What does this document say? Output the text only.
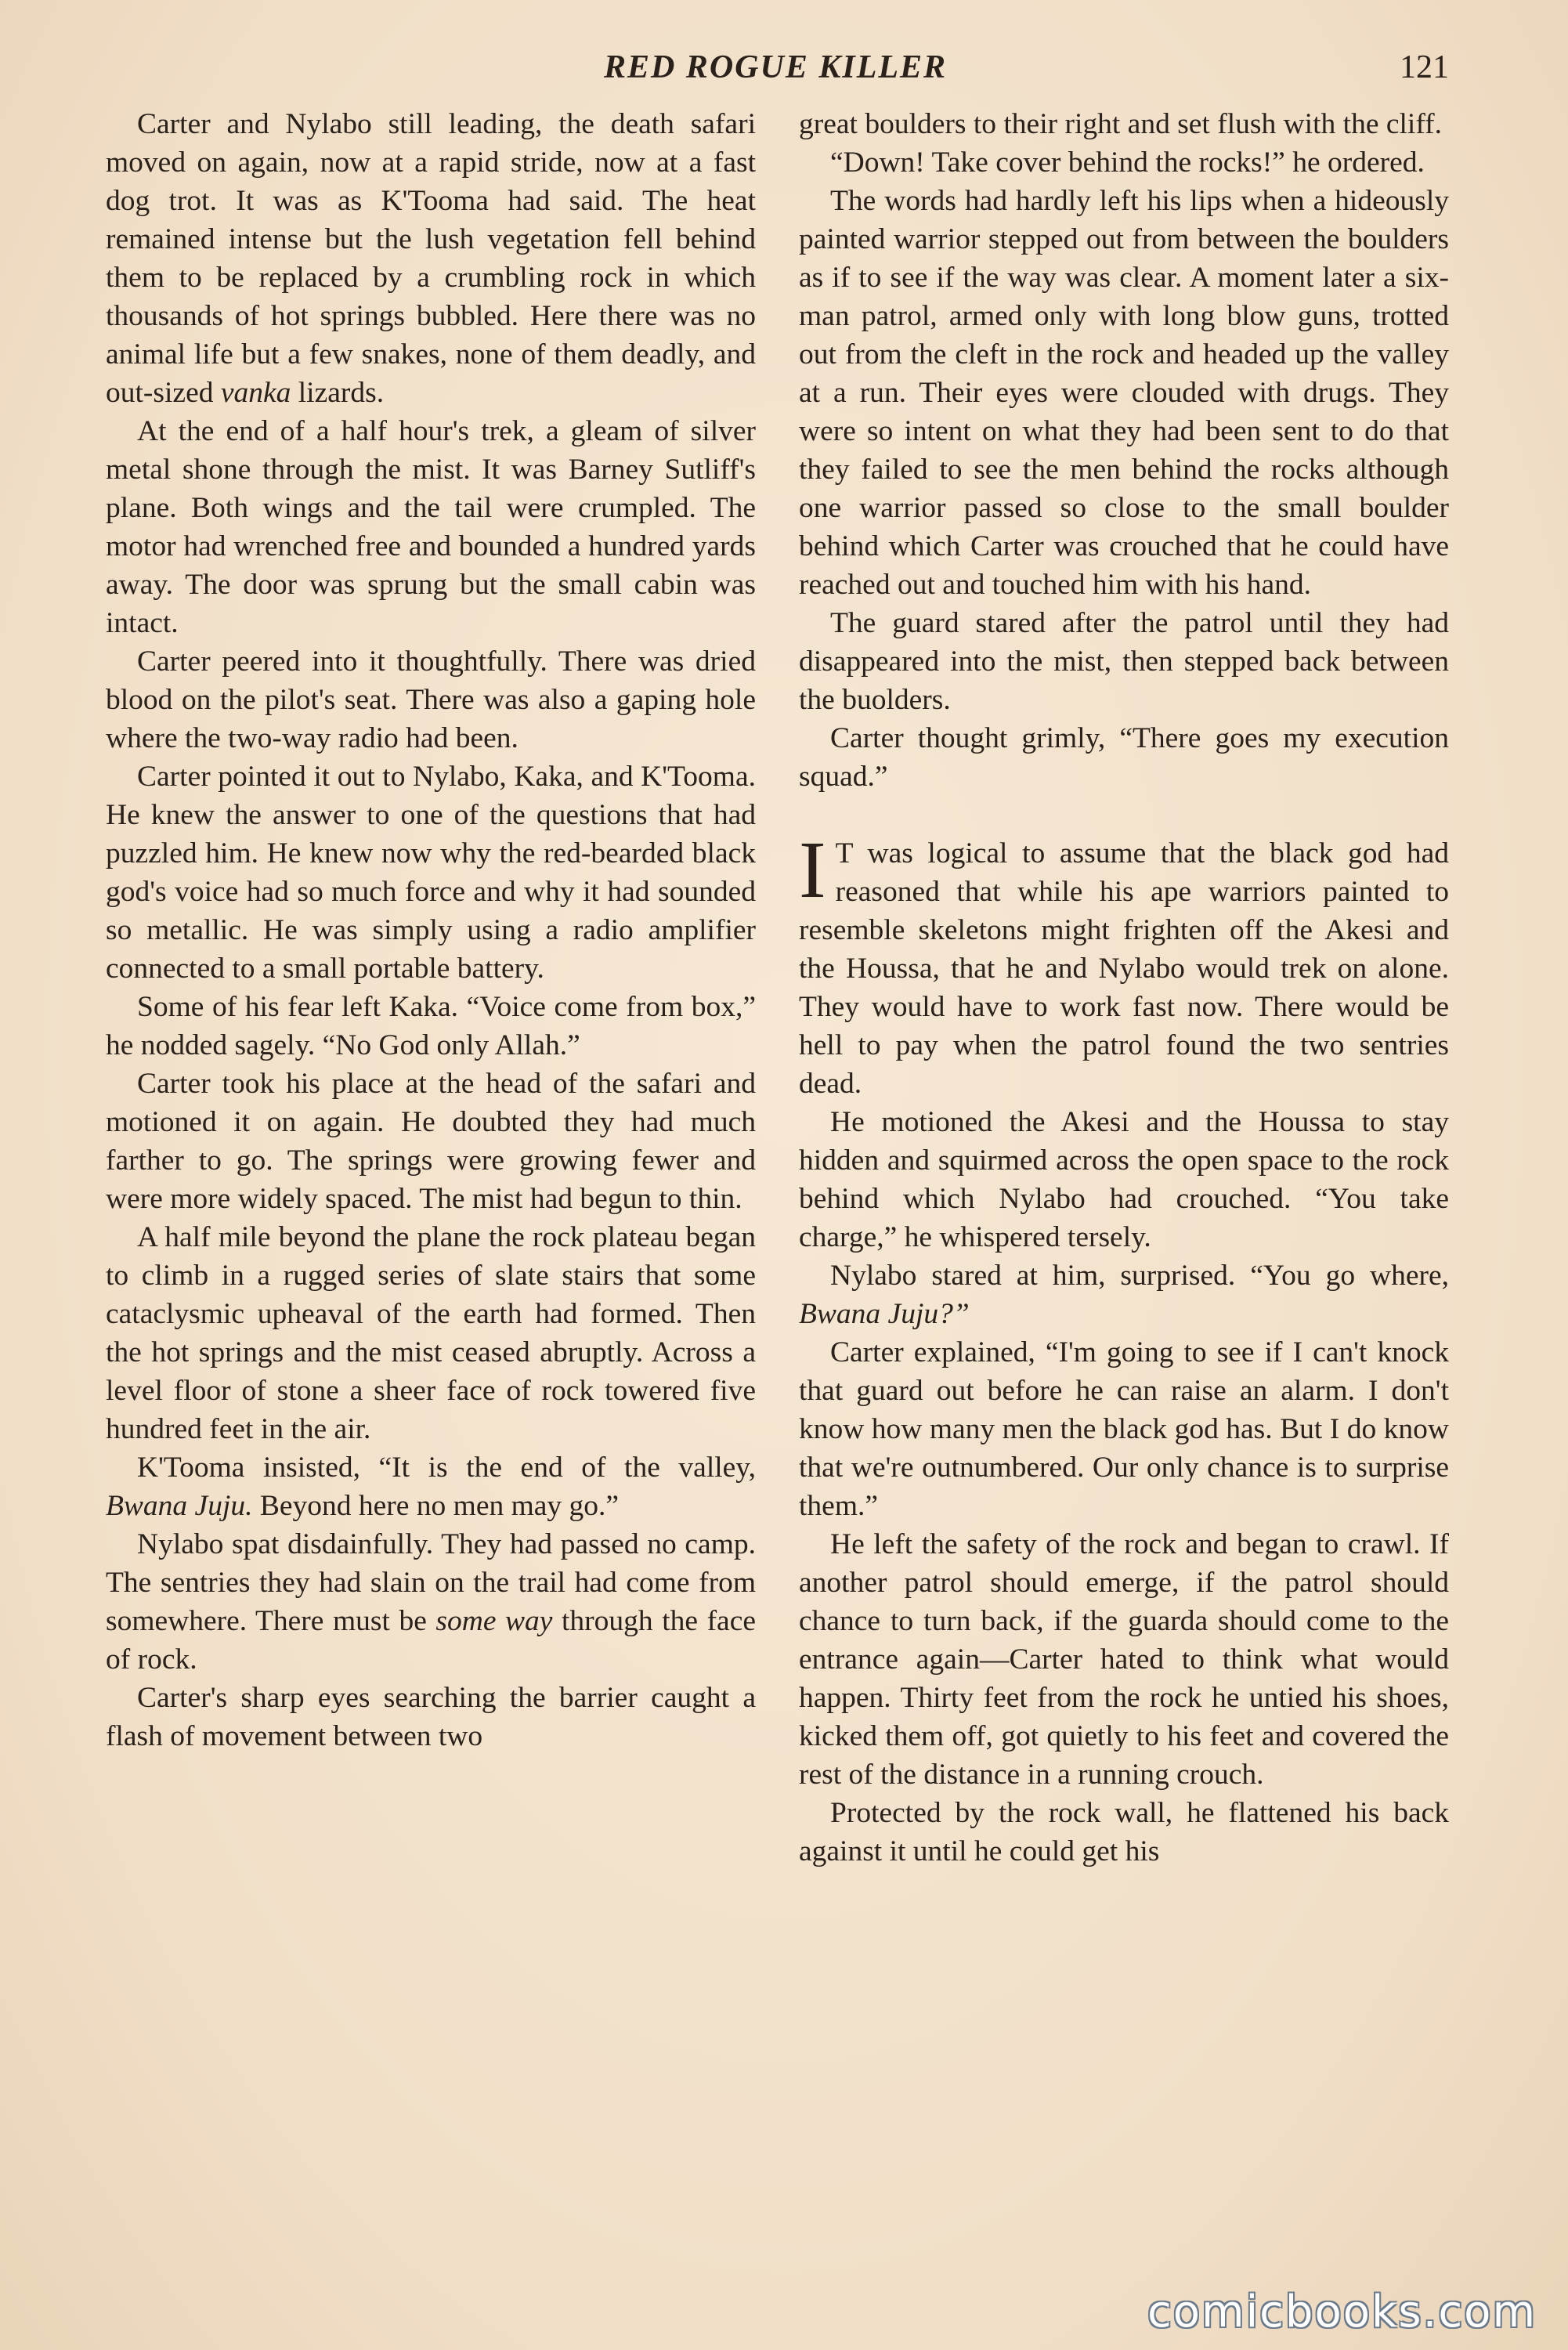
RED ROGUE KILLER	121

Carter and Nylabo still leading, the death safari moved on again, now at a rapid stride, now at a fast dog trot. It was as K'Tooma had said. The heat remained intense but the lush vegetation fell behind them to be replaced by a crumbling rock in which thousands of hot springs bubbled. Here there was no animal life but a few snakes, none of them deadly, and out-sized vanka lizards.

At the end of a half hour's trek, a gleam of silver metal shone through the mist. It was Barney Sutliff's plane. Both wings and the tail were crumpled. The motor had wrenched free and bounded a hundred yards away. The door was sprung but the small cabin was intact.

Carter peered into it thoughtfully. There was dried blood on the pilot's seat. There was also a gaping hole where the two-way radio had been.

Carter pointed it out to Nylabo, Kaka, and K'Tooma. He knew the answer to one of the questions that had puzzled him. He knew now why the red-bearded black god's voice had so much force and why it had sounded so metallic. He was simply using a radio amplifier connected to a small portable battery.

Some of his fear left Kaka. “Voice come from box,” he nodded sagely. “No God only Allah.”

Carter took his place at the head of the safari and motioned it on again. He doubted they had much farther to go. The springs were growing fewer and were more widely spaced. The mist had begun to thin.

A half mile beyond the plane the rock plateau began to climb in a rugged series of slate stairs that some cataclysmic upheaval of the earth had formed. Then the hot springs and the mist ceased abruptly. Across a level floor of stone a sheer face of rock towered five hundred feet in the air.

K'Tooma insisted, “It is the end of the valley, Bwana Juju. Beyond here no men may go.”

Nylabo spat disdainfully. They had passed no camp. The sentries they had slain on the trail had come from somewhere. There must be some way through the face of rock.

Carter's sharp eyes searching the barrier caught a flash of movement between two

great boulders to their right and set flush with the cliff.

“Down! Take cover behind the rocks!” he ordered.

The words had hardly left his lips when a hideously painted warrior stepped out from between the boulders as if to see if the way was clear. A moment later a six-man patrol, armed only with long blow guns, trotted out from the cleft in the rock and headed up the valley at a run. Their eyes were clouded with drugs. They were so intent on what they had been sent to do that they failed to see the men behind the rocks although one warrior passed so close to the small boulder behind which Carter was crouched that he could have reached out and touched him with his hand.

The guard stared after the patrol until they had disappeared into the mist, then stepped back between the buolders.

Carter thought grimly, “There goes my execution squad.”

I T was logical to assume that the black god had reasoned that while his ape warriors painted to resemble skeletons might frighten off the Akesi and the Houssa, that he and Nylabo would trek on alone. They would have to work fast now. There would be hell to pay when the patrol found the two sentries dead.

He motioned the Akesi and the Houssa to stay hidden and squirmed across the open space to the rock behind which Nylabo had crouched. “You take charge,” he whispered tersely.

Nylabo stared at him, surprised. “You go where, Bwana Juju?”

Carter explained, “I'm going to see if I can't knock that guard out before he can raise an alarm. I don't know how many men the black god has. But I do know that we're outnumbered. Our only chance is to surprise them.”

He left the safety of the rock and began to crawl. If another patrol should emerge, if the patrol should chance to turn back, if the guarda should come to the entrance again—Carter hated to think what would happen. Thirty feet from the rock he untied his shoes, kicked them off, got quietly to his feet and covered the rest of the distance in a running crouch.

Protected by the rock wall, he flattened his back against it until he could get his

comicbooks.com
